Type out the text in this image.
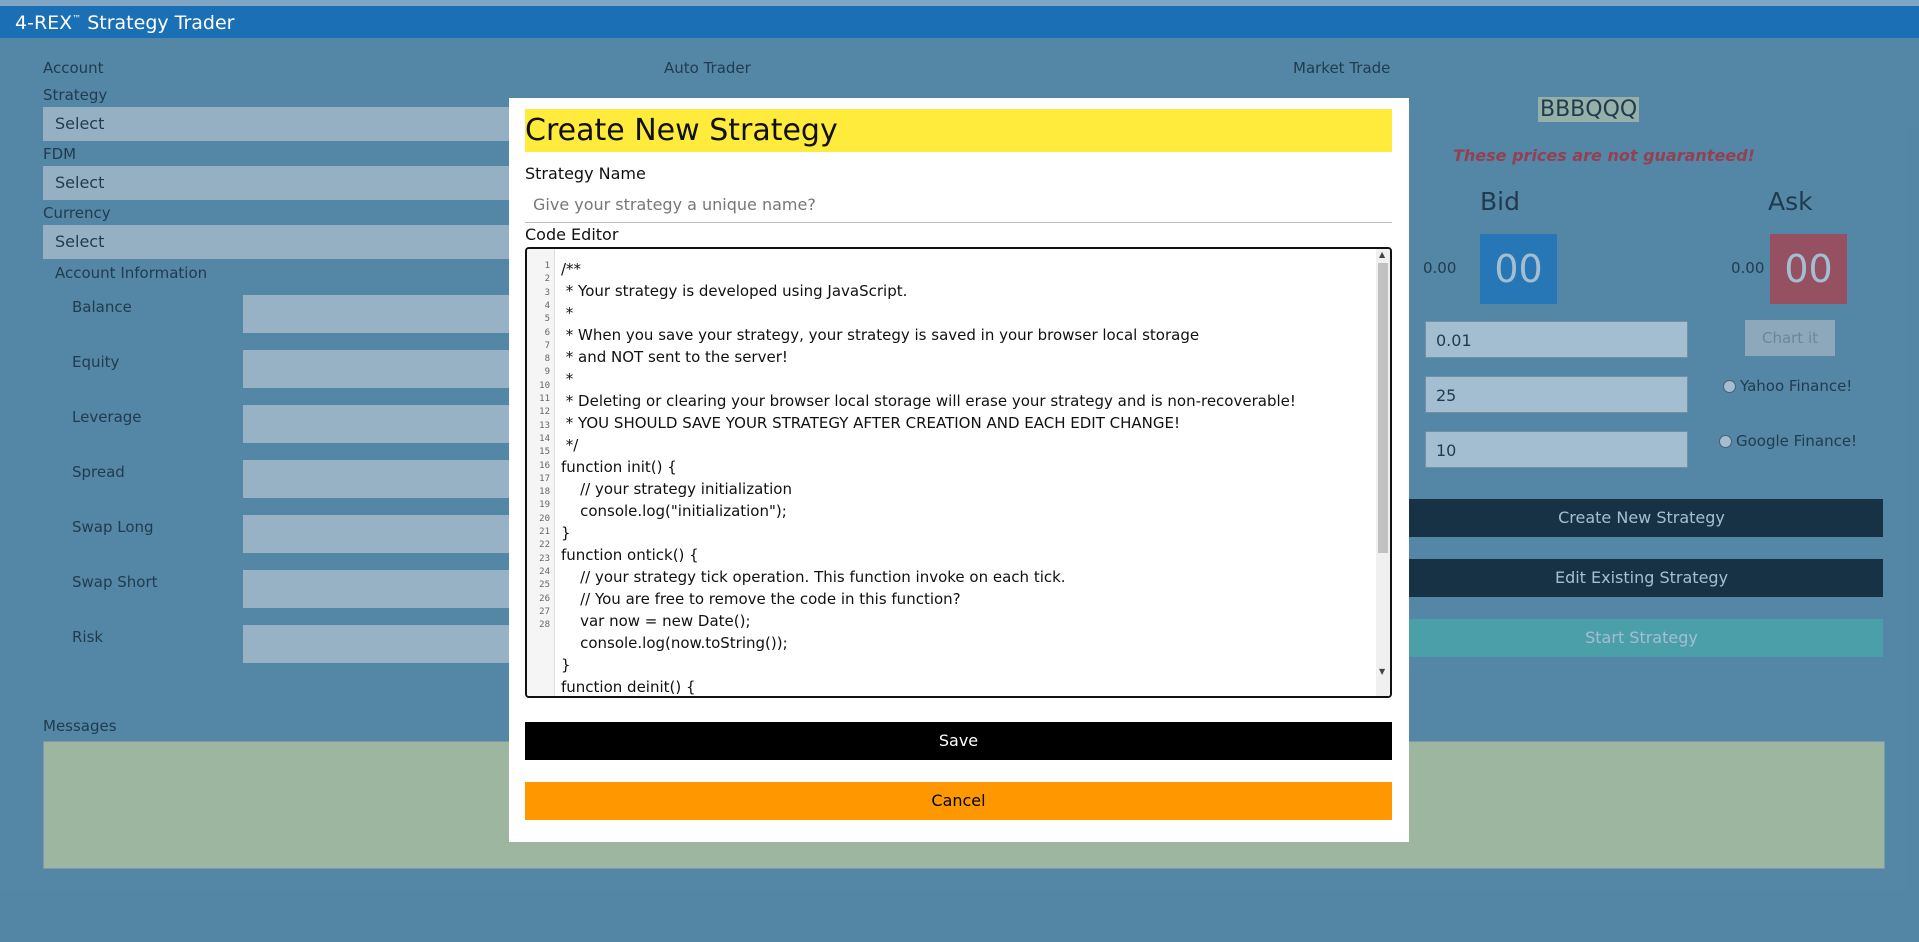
4-REX™ Strategy Trader
Account
Strategy
Select
FDM
Select
Currency
Select
Account Information
Balance
Equity
Leverage
Spread
Swap Long
Swap Short
Risk
Auto Trader	Market Trade
BBBQQQ
These prices are not guaranteed!
Bid	Ask
0.00 00	0.00 00
0.01
25
10
Chart it
Yahoo Finance!
Google Finance!
Create New Strategy
Edit Existing Strategy
Start Strategy
Messages
Create New Strategy
Strategy Name
Give your strategy a unique name?
Code Editor
1
2
3
4
5
6
7
8
9
10
11
12
13
14
15
16
17
18
19
20
21
22
23
24
25
26
27
28
/**
* Your strategy is developed using JavaScript.
*
* When you save your strategy, your strategy is saved in your browser local storage
* and NOT sent to the server!
*
* Deleting or clearing your browser local storage will erase your strategy and is non-recoverable!
* YOU SHOULD SAVE YOUR STRATEGY AFTER CREATION AND EACH EDIT CHANGE!
*/
function init() {
// your strategy initialization
console.log("initialization");
}
function ontick() {
// your strategy tick operation. This function invoke on each tick.
// You are free to remove the code in this function?
var now = new Date();
console.log(now.toString());
}
function deinit() {
▲
▼
Save
Cancel
